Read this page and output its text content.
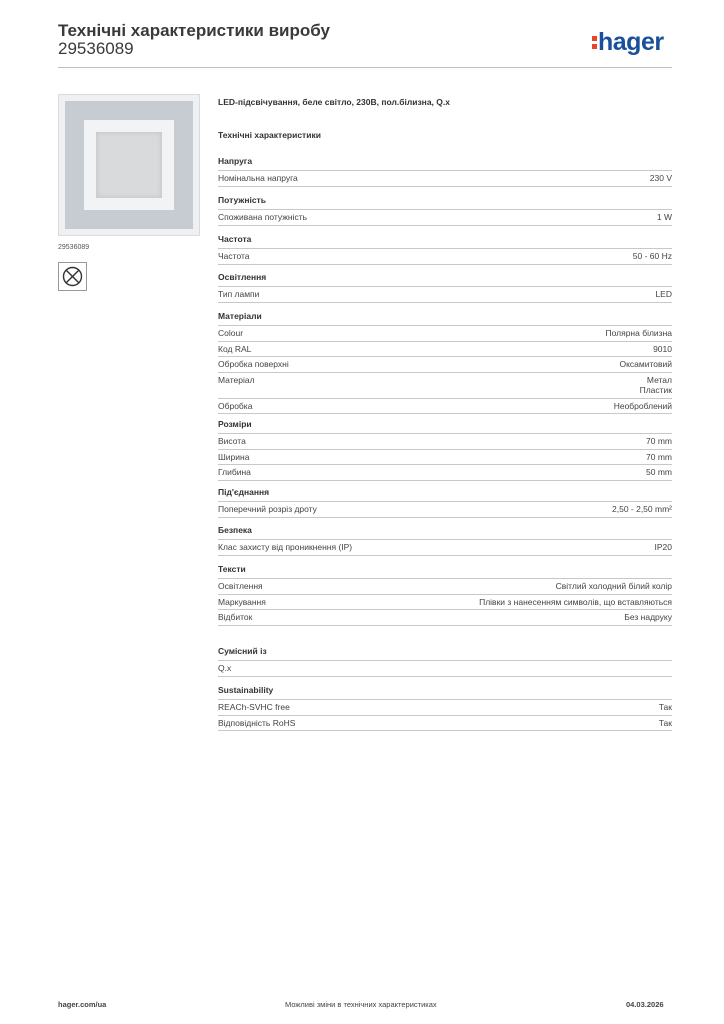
Технічні характеристики виробу
29536089	hager
29536089
LED-підсвічування, беле світло, 230В, пол.білизна, Q.x
Технічні характеристики
Напруга
Номінальна напруга	230 V
Потужність
Споживана потужність	1 W
Частота
Частота	50 - 60 Hz
Освітлення
Тип лампи	LED
Матеріали
Colour	Полярна білизна
Код RAL	9010
Обробка поверхні	Оксамитовий
Матеріал	Метал
Пластик
Обробка	Необроблений
Розміри
Висота	70 mm
Ширина	70 mm
Глибина	50 mm
Під'єднання
Поперечний розріз дроту	2,50 - 2,50 mm²
Безпека
Клас захисту від проникнення (IP)	IP20
Тексти
Освітлення	Світлий холодний білий колір
Маркування	Плівки з нанесенням символів, що вставляються
Відбиток	Без надруку
Сумісний із
Q.x
Sustainability
REACh-SVHC free	Так
Відповідність RoHS	Так
hager.com/ua	Можливі зміни в технічних характеристиках	04.03.2026
